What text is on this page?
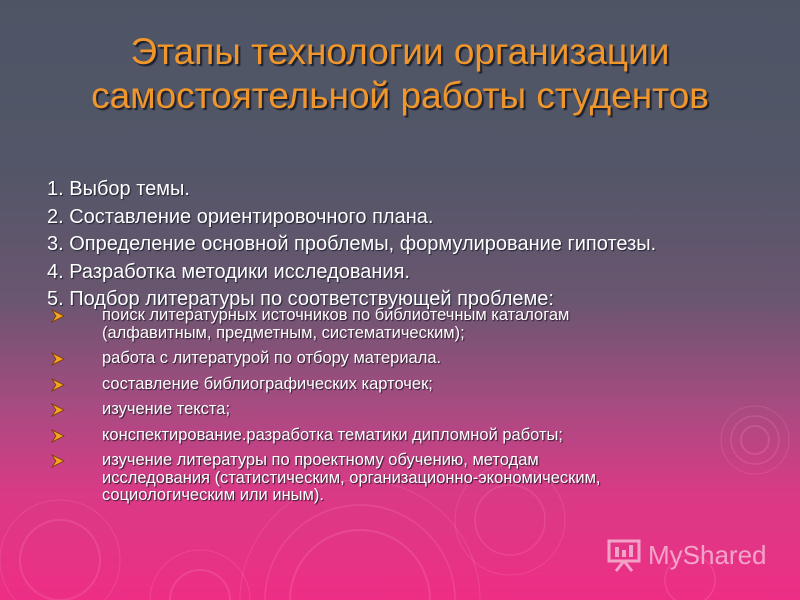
Этапы технологии организации
самостоятельной работы студентов
1. Выбор темы.
2. Составление ориентировочного плана.
3. Определение основной проблемы, формулирование гипотезы.
4. Разработка методики исследования.
5. Подбор литературы по соответствующей проблеме:
поиск литературных источников по библиотечным каталогам
(алфавитным, предметным, систематическим);
работа с литературой по отбору материала.
составление библиографических карточек;
изучение текста;
конспектирование.разработка тематики дипломной работы;
изучение литературы по проектному обучению, методам
исследования (статистическим, организационно-экономическим,
социологическим или иным).
MyShared
